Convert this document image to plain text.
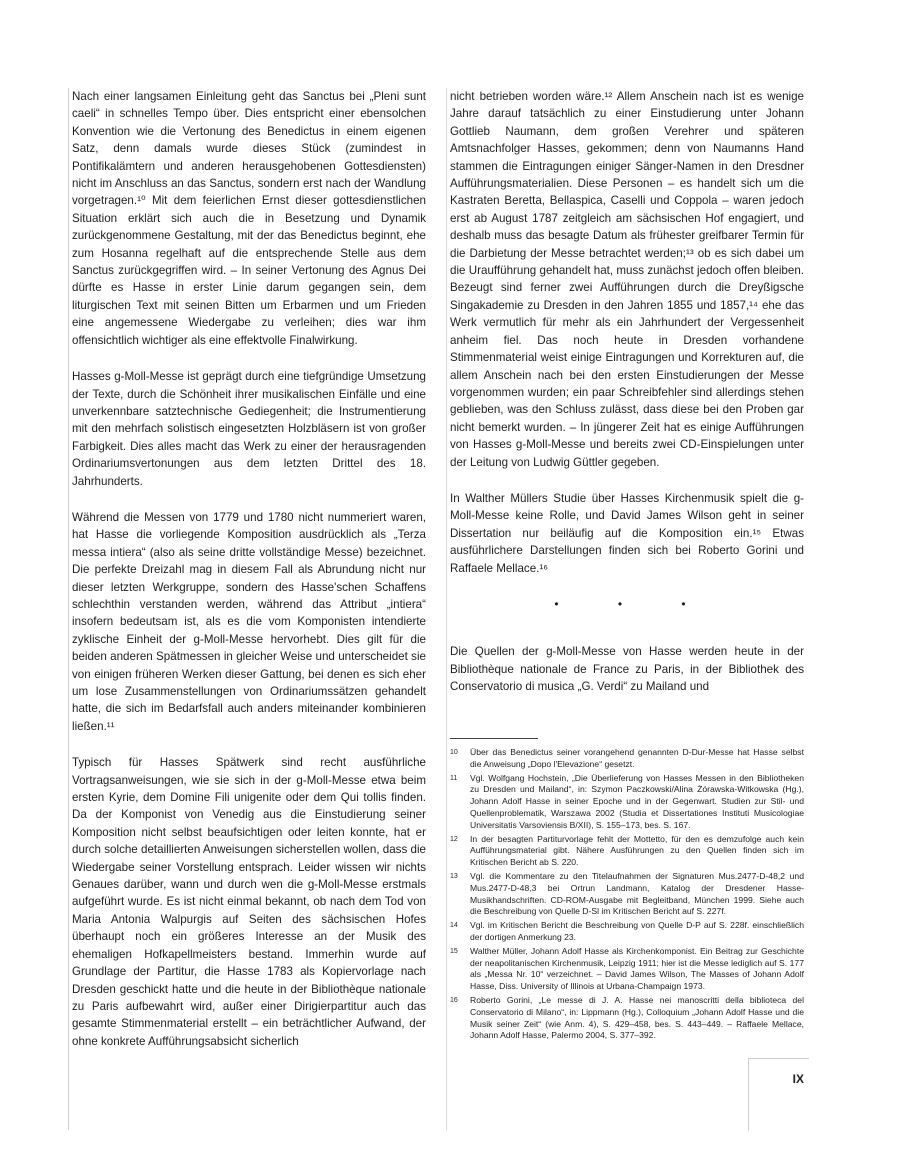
Nach einer langsamen Einleitung geht das Sanctus bei „Pleni sunt caeli“ in schnelles Tempo über. Dies entspricht einer ebensolchen Konvention wie die Vertonung des Benedictus in einem eigenen Satz, denn damals wurde dieses Stück (zumindest in Pontifikalämtern und anderen herausgehobenen Gottesdiensten) nicht im Anschluss an das Sanctus, sondern erst nach der Wandlung vorgetragen.¹⁰ Mit dem feierlichen Ernst dieser gottesdienstlichen Situation erklärt sich auch die in Besetzung und Dynamik zurückgenommene Gestaltung, mit der das Benedictus beginnt, ehe zum Hosanna regelhaft auf die entsprechende Stelle aus dem Sanctus zurückgegriffen wird. – In seiner Vertonung des Agnus Dei dürfte es Hasse in erster Linie darum gegangen sein, dem liturgischen Text mit seinen Bitten um Erbarmen und um Frieden eine angemessene Wiedergabe zu verleihen; dies war ihm offensichtlich wichtiger als eine effektvolle Finalwirkung.

Hasses g-Moll-Messe ist geprägt durch eine tiefgründige Umsetzung der Texte, durch die Schönheit ihrer musikalischen Einfälle und eine unverkennbare satztechnische Gediegenheit; die Instrumentierung mit den mehrfach solistisch eingesetzten Holzbläsern ist von großer Farbigkeit. Dies alles macht das Werk zu einer der herausragenden Ordinariumsvertonungen aus dem letzten Drittel des 18. Jahrhunderts.

Während die Messen von 1779 und 1780 nicht nummeriert waren, hat Hasse die vorliegende Komposition ausdrücklich als „Terza messa intiera“ (also als seine dritte vollständige Messe) bezeichnet. Die perfekte Dreizahl mag in diesem Fall als Abrundung nicht nur dieser letzten Werkgruppe, sondern des Hasse'schen Schaffens schlechthin verstanden werden, während das Attribut „intiera“ insofern bedeutsam ist, als es die vom Komponisten intendierte zyklische Einheit der g-Moll-Messe hervorhebt. Dies gilt für die beiden anderen Spätmessen in gleicher Weise und unterscheidet sie von einigen früheren Werken dieser Gattung, bei denen es sich eher um lose Zusammenstellungen von Ordinariumssätzen gehandelt hatte, die sich im Bedarfsfall auch anders miteinander kombinieren ließen.¹¹

Typisch für Hasses Spätwerk sind recht ausführliche Vortragsanweisungen, wie sie sich in der g-Moll-Messe etwa beim ersten Kyrie, dem Domine Fili unigenite oder dem Qui tollis finden. Da der Komponist von Venedig aus die Einstudierung seiner Komposition nicht selbst beaufsichtigen oder leiten konnte, hat er durch solche detaillierten Anweisungen sicherstellen wollen, dass die Wiedergabe seiner Vorstellung entsprach. Leider wissen wir nichts Genaues darüber, wann und durch wen die g-Moll-Messe erstmals aufgeführt wurde. Es ist nicht einmal bekannt, ob nach dem Tod von Maria Antonia Walpurgis auf Seiten des sächsischen Hofes überhaupt noch ein größeres Interesse an der Musik des ehemaligen Hofkapellmeisters bestand. Immerhin wurde auf Grundlage der Partitur, die Hasse 1783 als Kopiervorlage nach Dresden geschickt hatte und die heute in der Bibliothèque nationale zu Paris aufbewahrt wird, außer einer Dirigierpartitur auch das gesamte Stimmenmaterial erstellt – ein beträchtlicher Aufwand, der ohne konkrete Aufführungsabsicht sicherlich

nicht betrieben worden wäre.¹² Allem Anschein nach ist es wenige Jahre darauf tatsächlich zu einer Einstudierung unter Johann Gottlieb Naumann, dem großen Verehrer und späteren Amtsnachfolger Hasses, gekommen; denn von Naumanns Hand stammen die Eintragungen einiger Sänger-Namen in den Dresdner Aufführungsmaterialien. Diese Personen – es handelt sich um die Kastraten Beretta, Bellaspica, Caselli und Coppola – waren jedoch erst ab August 1787 zeitgleich am sächsischen Hof engagiert, und deshalb muss das besagte Datum als frühester greifbarer Termin für die Darbietung der Messe betrachtet werden;¹³ ob es sich dabei um die Uraufführung gehandelt hat, muss zunächst jedoch offen bleiben. Bezeugt sind ferner zwei Aufführungen durch die Dreyßigsche Singakademie zu Dresden in den Jahren 1855 und 1857,¹⁴ ehe das Werk vermutlich für mehr als ein Jahrhundert der Vergessenheit anheim fiel. Das noch heute in Dresden vorhandene Stimmenmaterial weist einige Eintragungen und Korrekturen auf, die allem Anschein nach bei den ersten Einstudierungen der Messe vorgenommen wurden; ein paar Schreibfehler sind allerdings stehen geblieben, was den Schluss zulässt, dass diese bei den Proben gar nicht bemerkt wurden. – In jüngerer Zeit hat es einige Aufführungen von Hasses g-Moll-Messe und bereits zwei CD-Einspielungen unter der Leitung von Ludwig Güttler gegeben.

In Walther Müllers Studie über Hasses Kirchenmusik spielt die g-Moll-Messe keine Rolle, und David James Wilson geht in seiner Dissertation nur beiläufig auf die Komposition ein.¹⁵ Etwas ausführlichere Darstellungen finden sich bei Roberto Gorini und Raffaele Mellace.¹⁶

• • •

Die Quellen der g-Moll-Messe von Hasse werden heute in der Bibliothèque nationale de France zu Paris, in der Bibliothek des Conservatorio di musica „G. Verdi“ zu Mailand und

10	Über das Benedictus seiner vorangehend genannten D-Dur-Messe hat Hasse selbst die Anweisung „Dopo l'Elevazione“ gesetzt.
11	Vgl. Wolfgang Hochstein, „Die Überlieferung von Hasses Messen in den Bibliotheken zu Dresden und Mailand“, in: Szymon Paczkowski/Alina Żórawska-Witkowska (Hg.), Johann Adolf Hasse in seiner Epoche und in der Gegenwart. Studien zur Stil- und Quellenproblematik, Warszawa 2002 (Studia et Dissertationes Instituti Musicologiae Universitatis Varsoviensis B/XII), S. 155–173, bes. S. 167.
12	In der besagten Partiturvorlage fehlt der Mottetto, für den es demzufolge auch kein Aufführungsmaterial gibt. Nähere Ausführungen zu den Quellen finden sich im Kritischen Bericht ab S. 220.
13	Vgl. die Kommentare zu den Titelaufnahmen der Signaturen Mus.2477-D-48,2 und Mus.2477-D-48,3 bei Ortrun Landmann, Katalog der Dresdener Hasse-Musikhandschriften. CD-ROM-Ausgabe mit Begleitband, München 1999. Siehe auch die Beschreibung von Quelle D-Sl im Kritischen Bericht auf S. 227f.
14	Vgl. im Kritischen Bericht die Beschreibung von Quelle D-P auf S. 228f. einschließlich der dortigen Anmerkung 23.
15	Walther Müller, Johann Adolf Hasse als Kirchenkomponist. Ein Beitrag zur Geschichte der neapolitanischen Kirchenmusik, Leipzig 1911; hier ist die Messe lediglich auf S. 177 als „Messa Nr. 10“ verzeichnet. – David James Wilson, The Masses of Johann Adolf Hasse, Diss. University of Illinois at Urbana-Champaign 1973.
16	Roberto Gorini, „Le messe di J. A. Hasse nei manoscritti della biblioteca del Conservatorio di Milano“, in: Lippmann (Hg.), Colloquium „Johann Adolf Hasse und die Musik seiner Zeit“ (wie Anm. 4), S. 429–458, bes. S. 443–449. – Raffaele Mellace, Johann Adolf Hasse, Palermo 2004, S. 377–392.
IX
